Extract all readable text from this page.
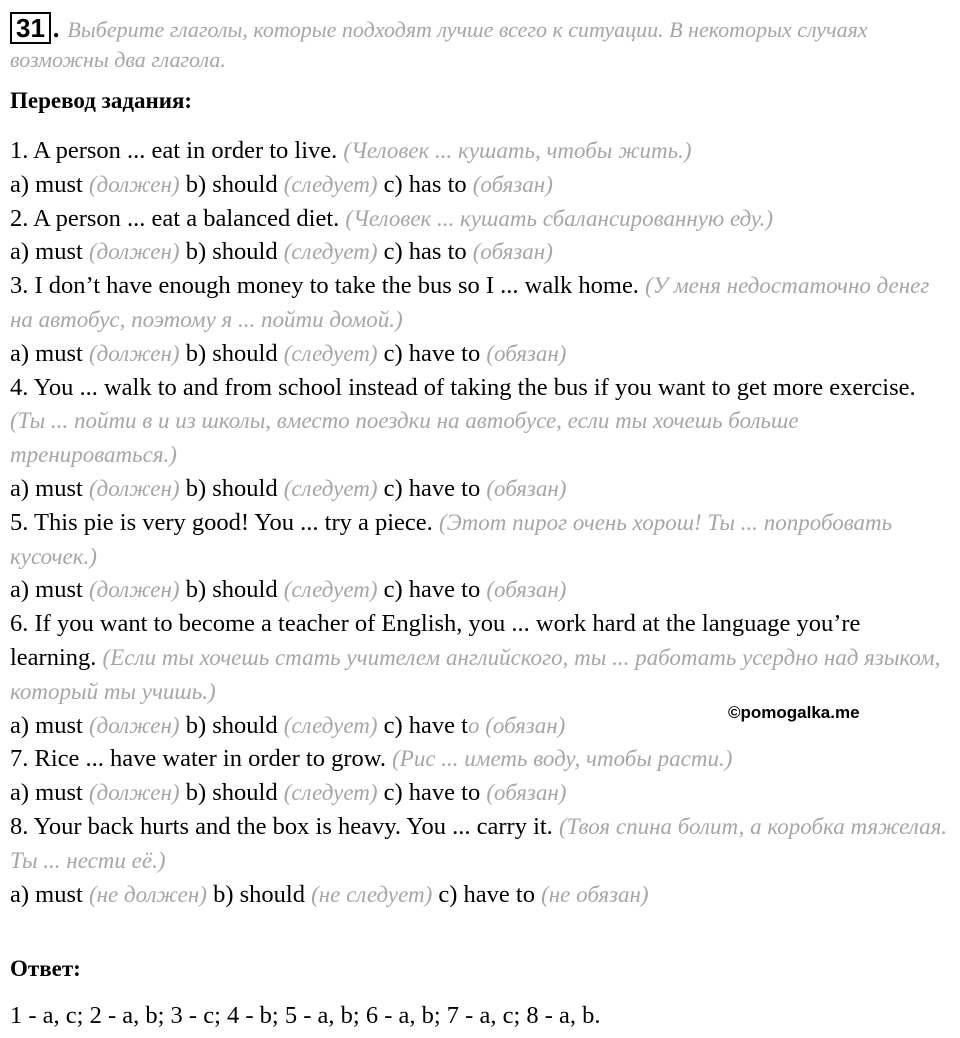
31 . Выберите глаголы, которые подходят лучше всего к ситуации. В некоторых случаях возможны два глагола.
Перевод задания:
1. A person ... eat in order to live. (Человек ... кушать, чтобы жить.)
a) must (должен) b) should (следует) c) has to (обязан)
2. A person ... eat a balanced diet. (Человек ... кушать сбалансированную еду.)
a) must (должен) b) should (следует) c) has to (обязан)
3. I don’t have enough money to take the bus so I ... walk home. (У меня недостаточно денег на автобус, поэтому я ... пойти домой.)
a) must (должен) b) should (следует) c) have to (обязан)
4. You ... walk to and from school instead of taking the bus if you want to get more exercise. (Ты ... пойти в и из школы, вместо поездки на автобусе, если ты хочешь больше тренироваться.)
a) must (должен) b) should (следует) c) have to (обязан)
5. This pie is very good! You ... try a piece. (Этот пирог очень хорош! Ты ... попробовать кусочек.)
a) must (должен) b) should (следует) c) have to (обязан)
6. If you want to become a teacher of English, you ... work hard at the language you’re learning. (Если ты хочешь стать учителем английского, ты ... работать усердно над языком, который ты учишь.)
a) must (должен) b) should (следует) c) have to (обязан)
7. Rice ... have water in order to grow. (Рис ... иметь воду, чтобы расти.)
a) must (должен) b) should (следует) c) have to (обязан)
8. Your back hurts and the box is heavy. You ... carry it. (Твоя спина болит, а коробка тяжелая. Ты ... нести её.)
a) must (не должен) b) should (не следует) c) have to (не обязан)
©pomogalka.me
Ответ:
1 - a, c; 2 - a, b; 3 - c; 4 - b; 5 - a, b; 6 - a, b; 7 - a, c; 8 - a, b.
